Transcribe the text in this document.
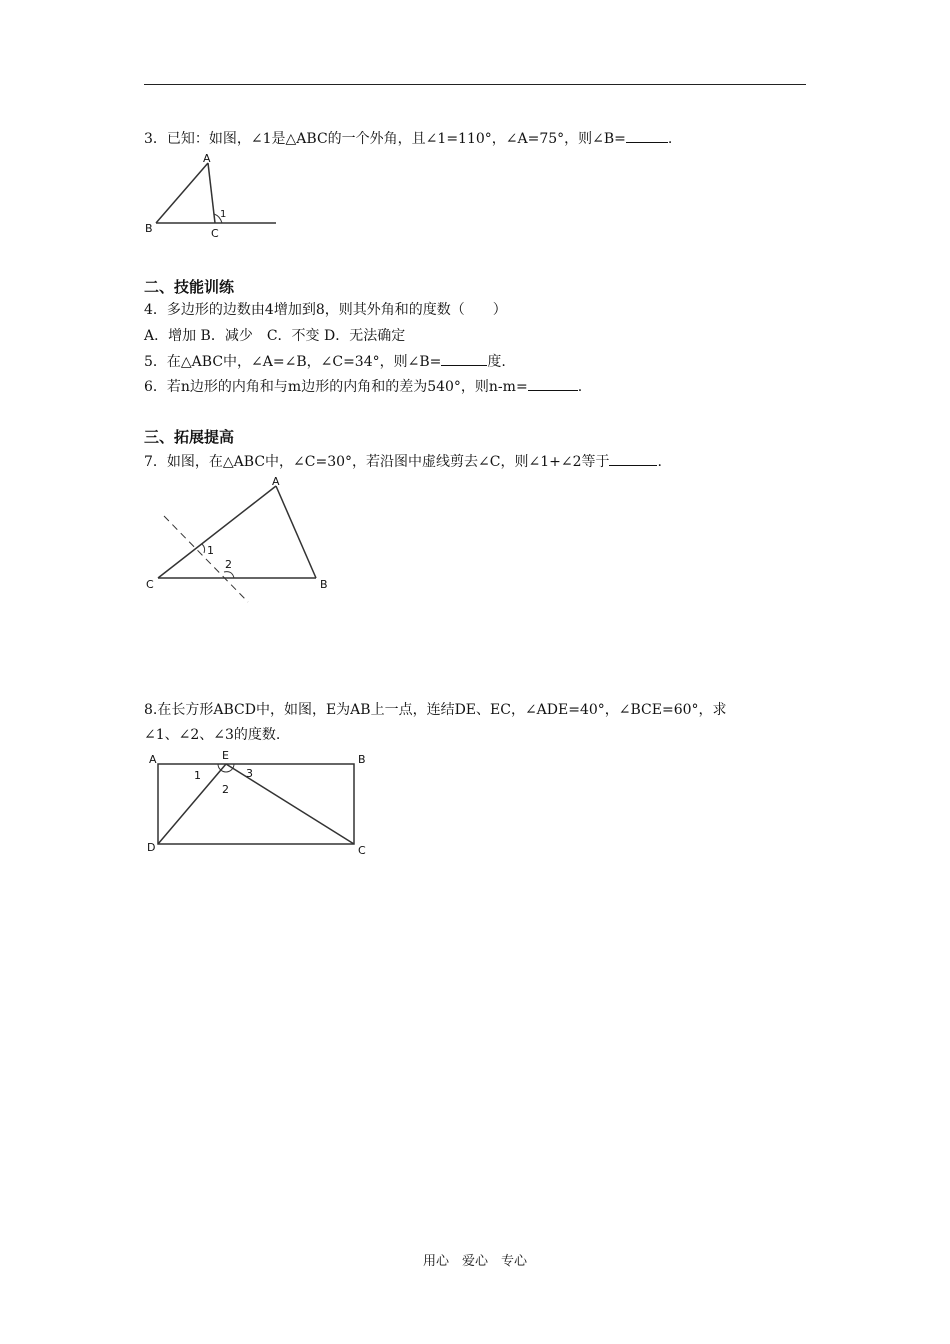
3．已知：如图，∠1是△ABC的一个外角，且∠1=110°，∠A=75°，则∠B=	.
A
B	C
1
二、技能训练
4．多边形的边数由4增加到8，则其外角和的度数（　　）
A．增加 B．减少　C．不变 D．无法确定
5．在△ABC中，∠A=∠B，∠C=34°，则∠B=	度.
6．若n边形的内角和与m边形的内角和的差为540°，则n-m=	.
三、拓展提高
7．如图，在△ABC中，∠C=30°，若沿图中虚线剪去∠C，则∠1+∠2等于	.
A
C	B
1
2
8.在长方形ABCD中，如图，E为AB上一点，连结DE、EC，∠ADE=40°，∠BCE=60°，求
∠1、∠2、∠3的度数.
A	B
C
D
E
1
2
3
用心　爱心　专心
